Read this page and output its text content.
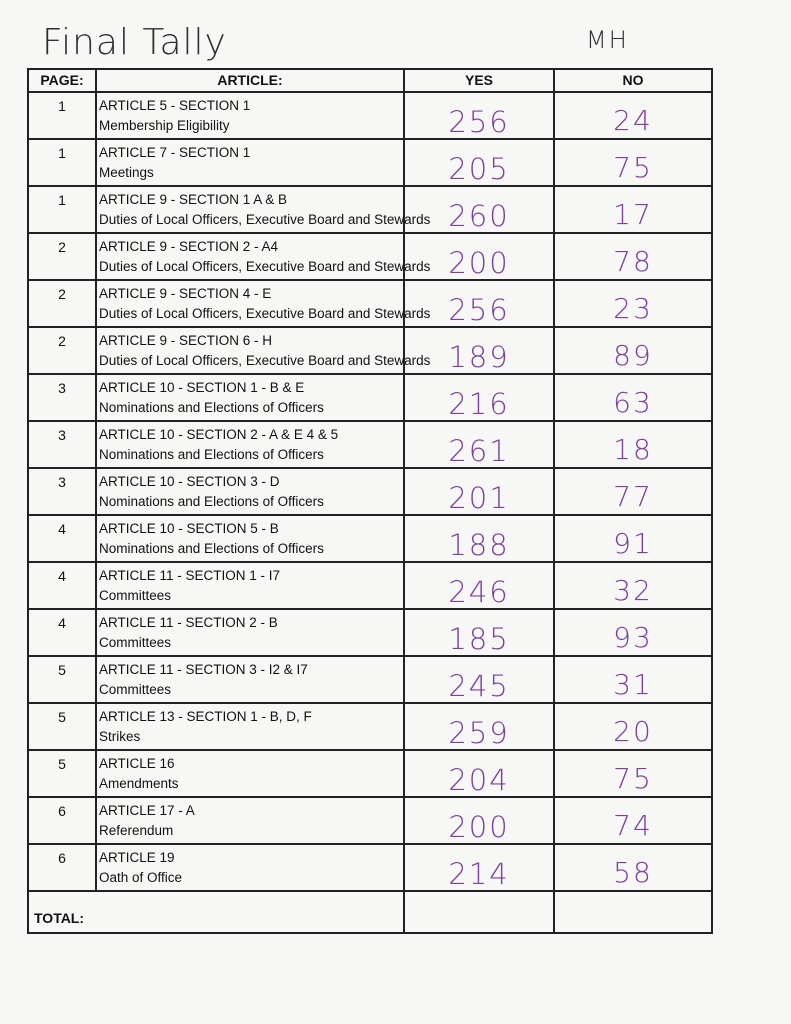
Final Tally	MH
PAGE:	ARTICLE:	YES	NO
1	ARTICLE 5 - SECTION 1
Membership Eligibility	256	24

1	ARTICLE 7 - SECTION 1
Meetings	205	75

1	ARTICLE 9 - SECTION 1 A & B
Duties of Local Officers, Executive Board and Stewards	260	17

2	ARTICLE 9 - SECTION 2 - A4
Duties of Local Officers, Executive Board and Stewards	200	78

2	ARTICLE 9 - SECTION 4 - E
Duties of Local Officers, Executive Board and Stewards	256	23

2	ARTICLE 9 - SECTION 6 - H
Duties of Local Officers, Executive Board and Stewards	189	89

3	ARTICLE 10 - SECTION 1 - B & E
Nominations and Elections of Officers	216	63

3	ARTICLE 10 - SECTION 2 - A & E 4 & 5
Nominations and Elections of Officers	261	18

3	ARTICLE 10 - SECTION 3 - D
Nominations and Elections of Officers	201	77

4	ARTICLE 10 - SECTION 5 - B
Nominations and Elections of Officers	188	91

4	ARTICLE 11 - SECTION 1 - I7
Committees	246	32

4	ARTICLE 11 - SECTION 2 - B
Committees	185	93

5	ARTICLE 11 - SECTION 3 - I2 & I7
Committees	245	31

5	ARTICLE 13 - SECTION 1 - B, D, F
Strikes	259	20

5	ARTICLE 16
Amendments	204	75

6	ARTICLE 17 - A
Referendum	200	74

6	ARTICLE 19
Oath of Office	214	58

TOTAL:			
